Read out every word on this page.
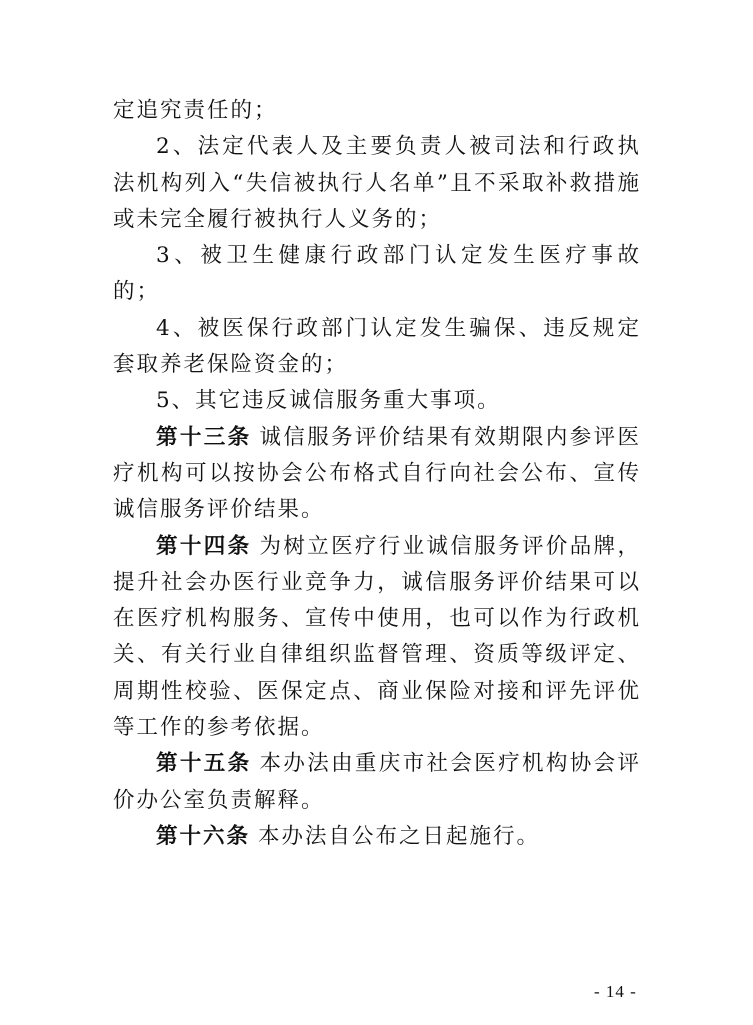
定追究责任的；

2、法定代表人及主要负责人被司法和行政执法机构列入“失信被执行人名单”且不采取补救措施或未完全履行被执行人义务的；

3、被卫生健康行政部门认定发生医疗事故的；

4、被医保行政部门认定发生骗保、违反规定套取养老保险资金的；

5、其它违反诚信服务重大事项。

第十三条 诚信服务评价结果有效期限内参评医疗机构可以按协会公布格式自行向社会公布、宣传诚信服务评价结果。

第十四条 为树立医疗行业诚信服务评价品牌，提升社会办医行业竞争力，诚信服务评价结果可以在医疗机构服务、宣传中使用，也可以作为行政机关、有关行业自律组织监督管理、资质等级评定、周期性校验、医保定点、商业保险对接和评先评优等工作的参考依据。

第十五条 本办法由重庆市社会医疗机构协会评价办公室负责解释。

第十六条 本办法自公布之日起施行。

- 14 -
